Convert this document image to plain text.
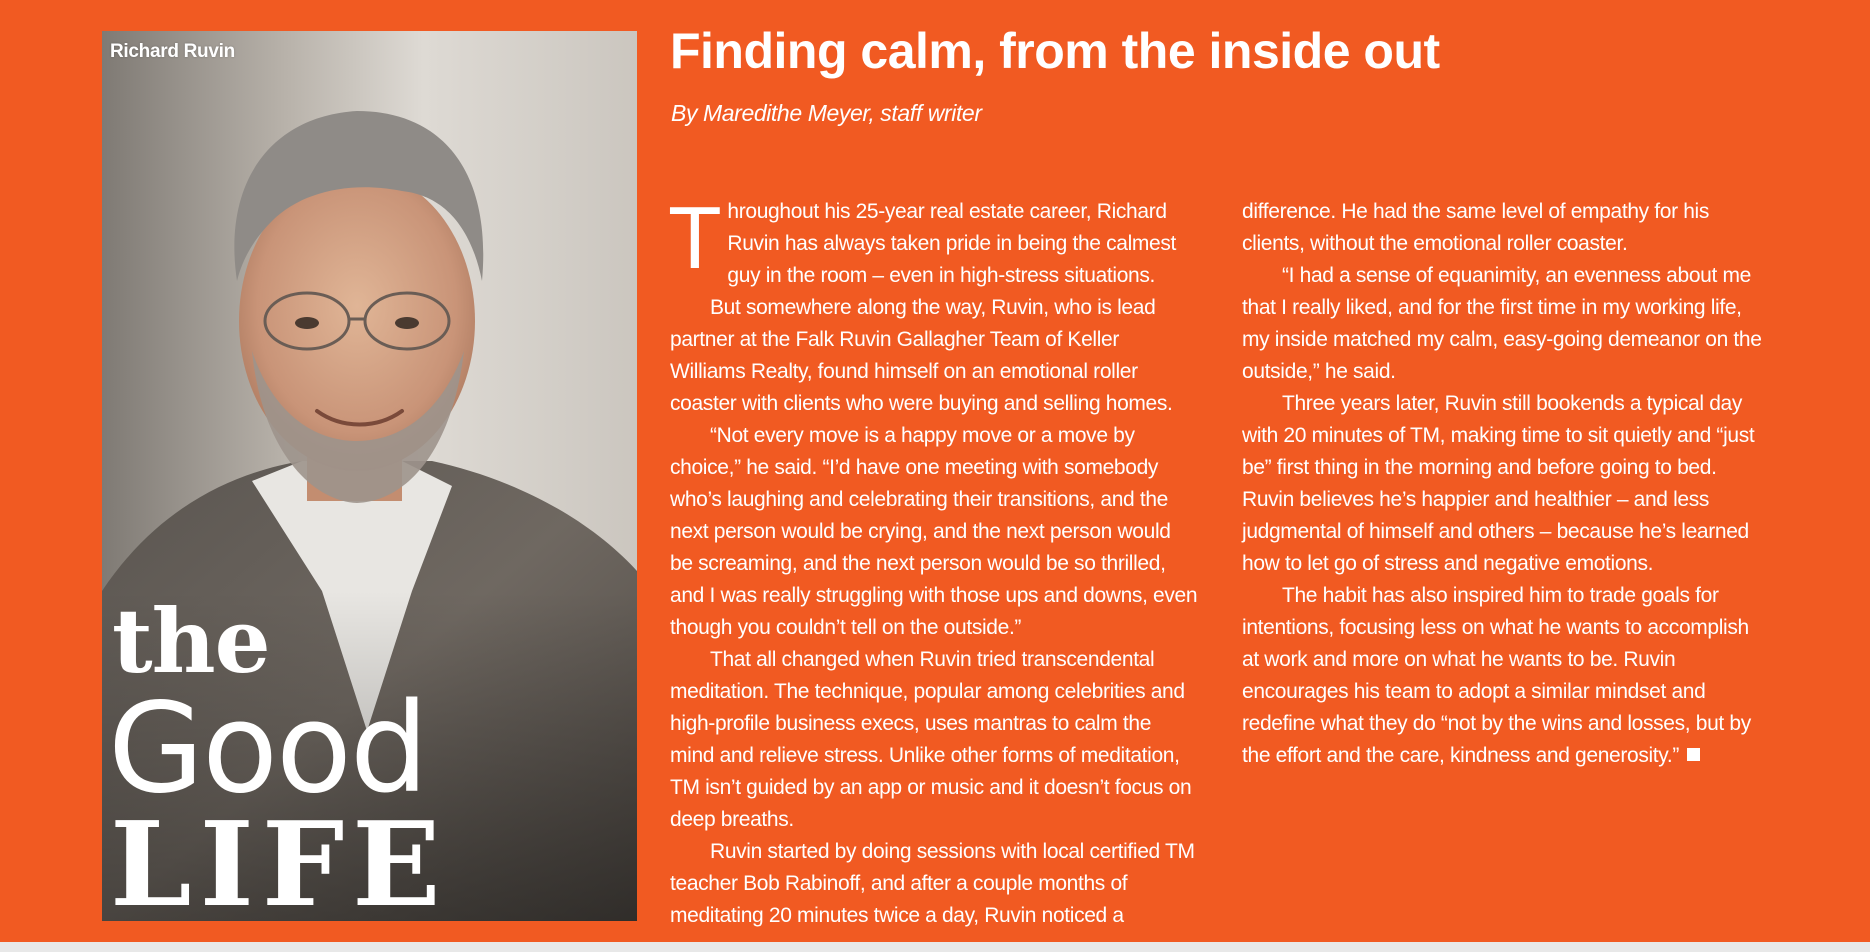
Richard Ruvin
the
Good
LIFE
Finding calm, from the inside out
By Maredithe Meyer, staff writer

Throughout his 25-year real estate career, Richard Ruvin has always taken pride in being the calmest guy in the room – even in high-stress situations.

But somewhere along the way, Ruvin, who is lead partner at the Falk Ruvin Gallagher Team of Keller Williams Realty, found himself on an emotional roller coaster with clients who were buying and selling homes.

“Not every move is a happy move or a move by choice,” he said. “I’d have one meeting with somebody who’s laughing and celebrating their transitions, and the next person would be crying, and the next person would be screaming, and the next person would be so thrilled, and I was really struggling with those ups and downs, even though you couldn’t tell on the outside.”

That all changed when Ruvin tried transcendental meditation. The technique, popular among celebrities and high-profile business execs, uses mantras to calm the mind and relieve stress. Unlike other forms of meditation, TM isn’t guided by an app or music and it doesn’t focus on deep breaths.

Ruvin started by doing sessions with local certified TM teacher Bob Rabinoff, and after a couple months of meditating 20 minutes twice a day, Ruvin noticed a difference. He had the same level of empathy for his clients, without the emotional roller coaster.

“I had a sense of equanimity, an evenness about me that I really liked, and for the first time in my working life, my inside matched my calm, easy-going demeanor on the outside,” he said.

Three years later, Ruvin still bookends a typical day with 20 minutes of TM, making time to sit quietly and “just be” first thing in the morning and before going to bed. Ruvin believes he’s happier and healthier – and less judgmental of himself and others – because he’s learned how to let go of stress and negative emotions.

The habit has also inspired him to trade goals for intentions, focusing less on what he wants to accomplish at work and more on what he wants to be. Ruvin encourages his team to adopt a similar mindset and redefine what they do “not by the wins and losses, but by the effort and the care, kindness and generosity.”
